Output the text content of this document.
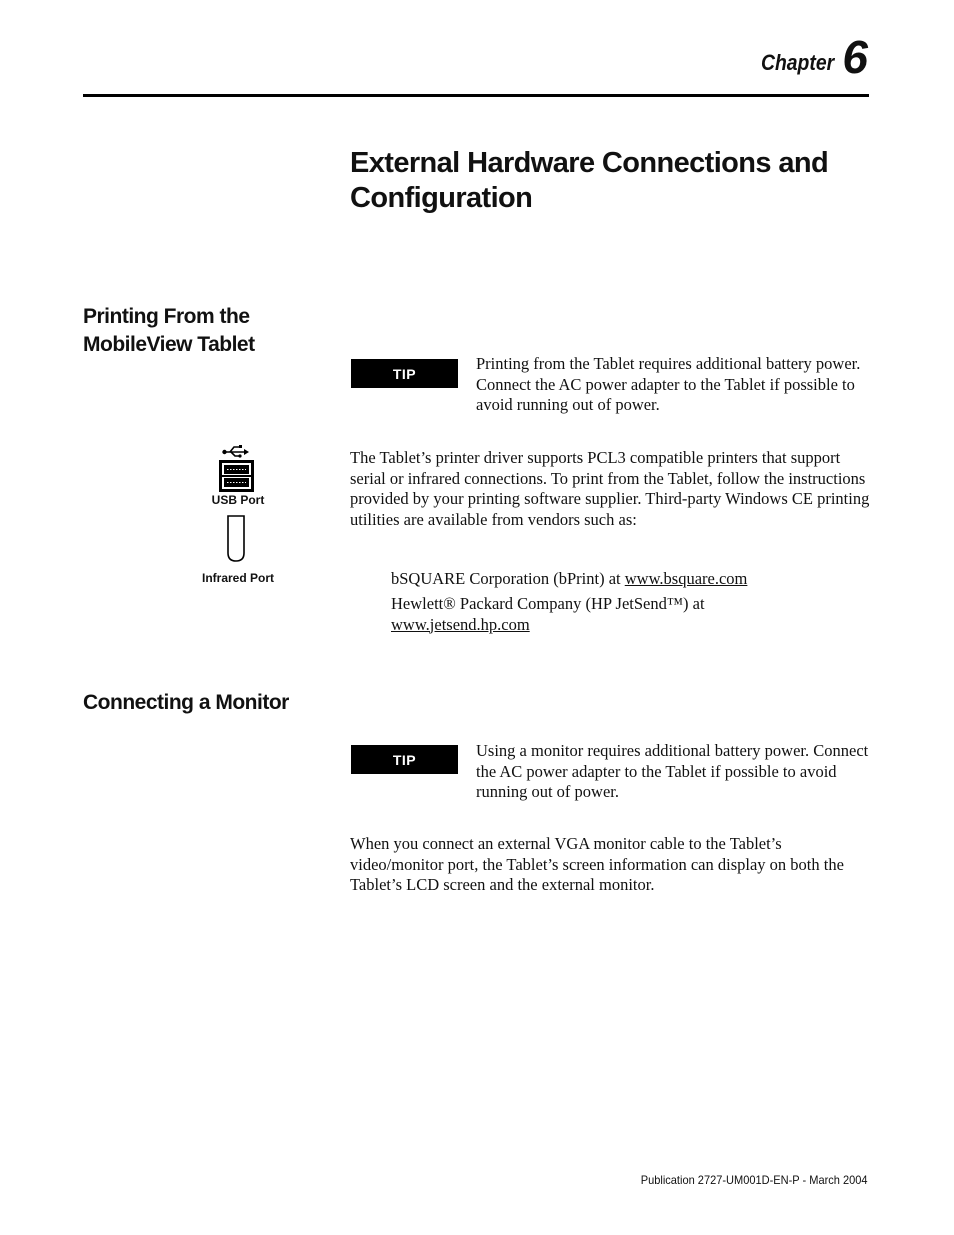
Chapter 6
External Hardware Connections and Configuration
Printing From the MobileView Tablet
TIP

Printing from the Tablet requires additional battery power. Connect the AC power adapter to the Tablet if possible to avoid running out of power.

USB Port
Infrared Port

The Tablet’s printer driver supports PCL3 compatible printers that support serial or infrared connections. To print from the Tablet, follow the instructions provided by your printing software supplier. Third-party Windows CE printing utilities are available from vendors such as:

bSQUARE Corporation (bPrint) at www.bsquare.com

Hewlett® Packard Company (HP JetSend™) at www.jetsend.hp.com

Connecting a Monitor
TIP	Using a monitor requires additional battery power. Connect the AC power adapter to the Tablet if possible to avoid running out of power.

When you connect an external VGA monitor cable to the Tablet’s video/monitor port, the Tablet’s screen information can display on both the Tablet’s LCD screen and the external monitor.

Publication 2727-UM001D-EN-P - March 2004
